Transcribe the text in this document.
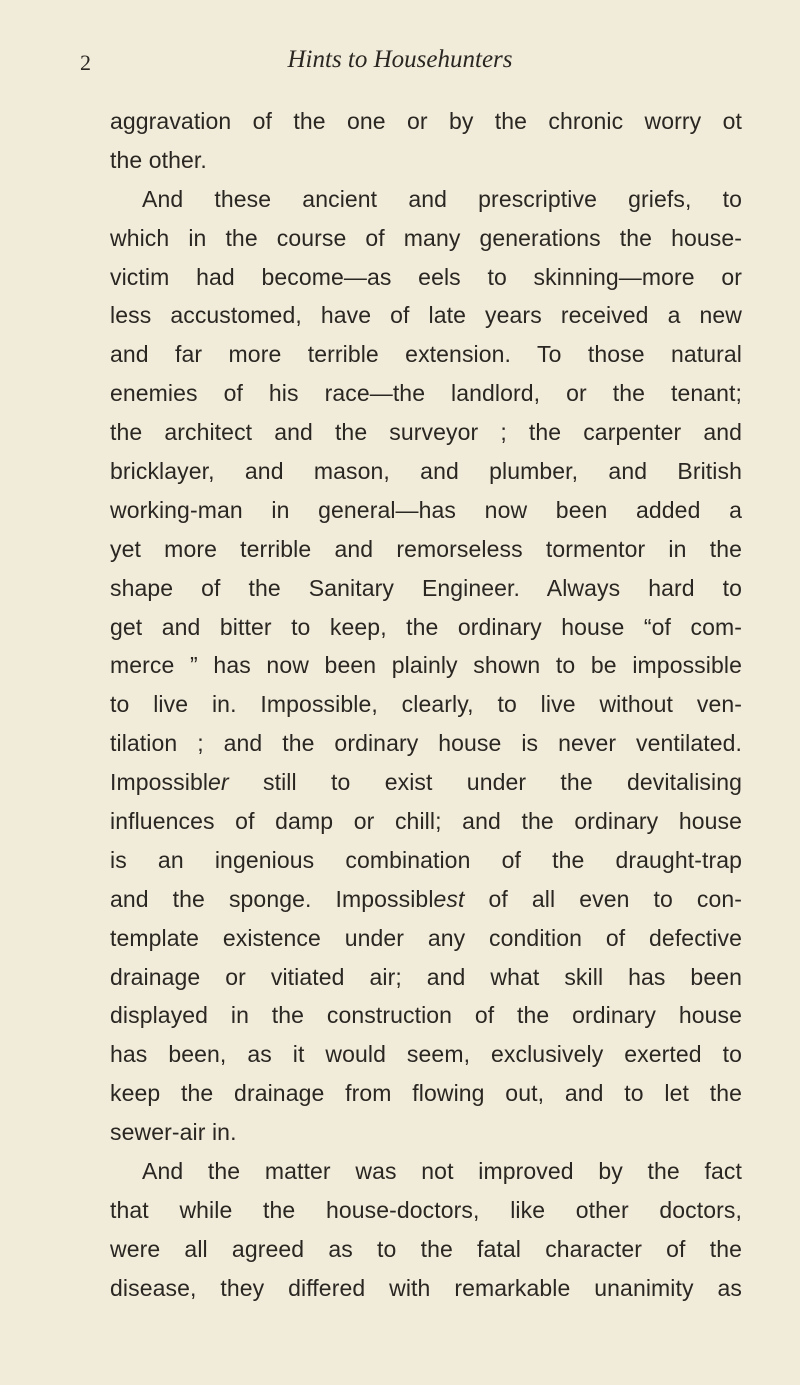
2	Hints to Househunters

aggravation of the one or by the chronic worry ot
the other.

And these ancient and prescriptive griefs, to
which in the course of many generations the house-
victim had become—as eels to skinning—more or
less accustomed, have of late years received a new
and far more terrible extension. To those natural
enemies of his race—the landlord, or the tenant;
the architect and the surveyor ; the carpenter and
bricklayer, and mason, and plumber, and British
working-man in general—has now been added a
yet more terrible and remorseless tormentor in the
shape of the Sanitary Engineer. Always hard to
get and bitter to keep, the ordinary house “of com-
merce ” has now been plainly shown to be impossible
to live in. Impossible, clearly, to live without ven-
tilation ; and the ordinary house is never ventilated.
Impossibler still to exist under the devitalising
influences of damp or chill; and the ordinary house
is an ingenious combination of the draught-trap
and the sponge. Impossiblest of all even to con-
template existence under any condition of defective
drainage or vitiated air; and what skill has been
displayed in the construction of the ordinary house
has been, as it would seem, exclusively exerted to
keep the drainage from flowing out, and to let the
sewer-air in.

And the matter was not improved by the fact
that while the house-doctors, like other doctors,
were all agreed as to the fatal character of the
disease, they differed with remarkable unanimity as
